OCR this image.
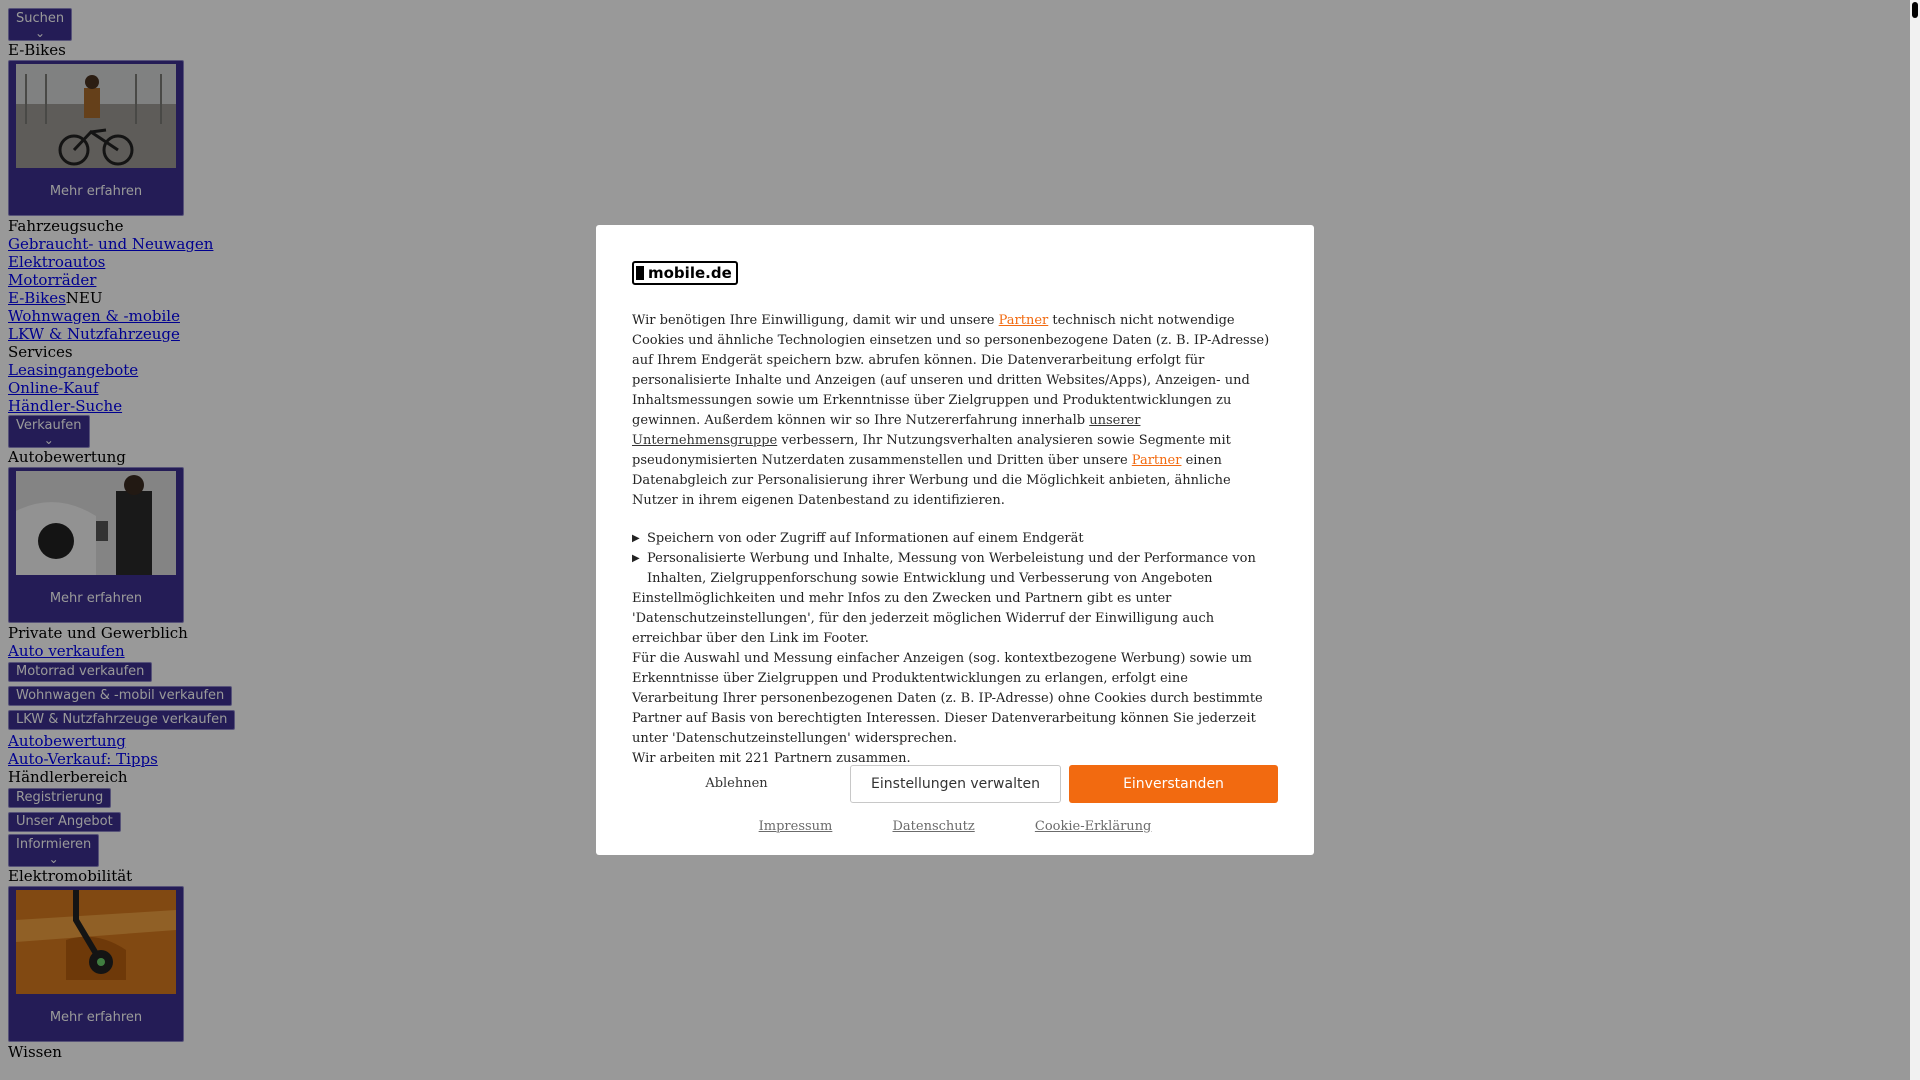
Suchen
⌄
E-Bikes
Mehr erfahren
Fahrzeugsuche
Gebraucht- und Neuwagen
Elektroautos
Motorräder
E-BikesNEU
Wohnwagen & -mobile
LKW & Nutzfahrzeuge
Services
Leasingangebote
Online-Kauf
Händler-Suche
Verkaufen
⌄
Autobewertung
Mehr erfahren
Private und Gewerblich
Auto verkaufen
Motorrad verkaufen
Wohnwagen & -mobil verkaufen
LKW & Nutzfahrzeuge verkaufen
Autobewertung
Auto-Verkauf: Tipps
Händlerbereich
Registrierung
Unser Angebot
Informieren
⌄
Elektromobilität
Mehr erfahren
Wissen
mobile.de

Wir benötigen Ihre Einwilligung, damit wir und unsere Partner technisch nicht notwendige Cookies und ähnliche Technologien einsetzen und so personenbezogene Daten (z. B. IP-Adresse) auf Ihrem Endgerät speichern bzw. abrufen können. Die Datenverarbeitung erfolgt für personalisierte Inhalte und Anzeigen (auf unseren und dritten Websites/Apps), Anzeigen- und Inhaltsmessungen sowie um Erkenntnisse über Zielgruppen und Produktentwicklungen zu gewinnen. Außerdem können wir so Ihre Nutzererfahrung innerhalb unserer Unternehmensgruppe verbessern, Ihr Nutzungsverhalten analysieren sowie Segmente mit pseudonymisierten Nutzerdaten zusammenstellen und Dritten über unsere Partner einen Datenabgleich zur Personalisierung ihrer Werbung und die Möglichkeit anbieten, ähnliche Nutzer in ihrem eigenen Datenbestand zu identifizieren.

▶ Speichern von oder Zugriff auf Informationen auf einem Endgerät
▶ Personalisierte Werbung und Inhalte, Messung von Werbeleistung und der Performance von Inhalten, Zielgruppenforschung sowie Entwicklung und Verbesserung von Angeboten

Einstellmöglichkeiten und mehr Infos zu den Zwecken und Partnern gibt es unter 'Datenschutzeinstellungen', für den jederzeit möglichen Widerruf der Einwilligung auch erreichbar über den Link im Footer.

Für die Auswahl und Messung einfacher Anzeigen (sog. kontextbezogene Werbung) sowie um Erkenntnisse über Zielgruppen und Produktentwicklungen zu erlangen, erfolgt eine Verarbeitung Ihrer personenbezogenen Daten (z. B. IP-Adresse) ohne Cookies durch bestimmte Partner auf Basis von berechtigten Interessen. Dieser Datenverarbeitung können Sie jederzeit unter 'Datenschutzeinstellungen' widersprechen.

Wir arbeiten mit 221 Partnern zusammen.

Ablehnen	Einstellungen verwalten	Einverstanden
Impressum	Datenschutz	Cookie-Erklärung
